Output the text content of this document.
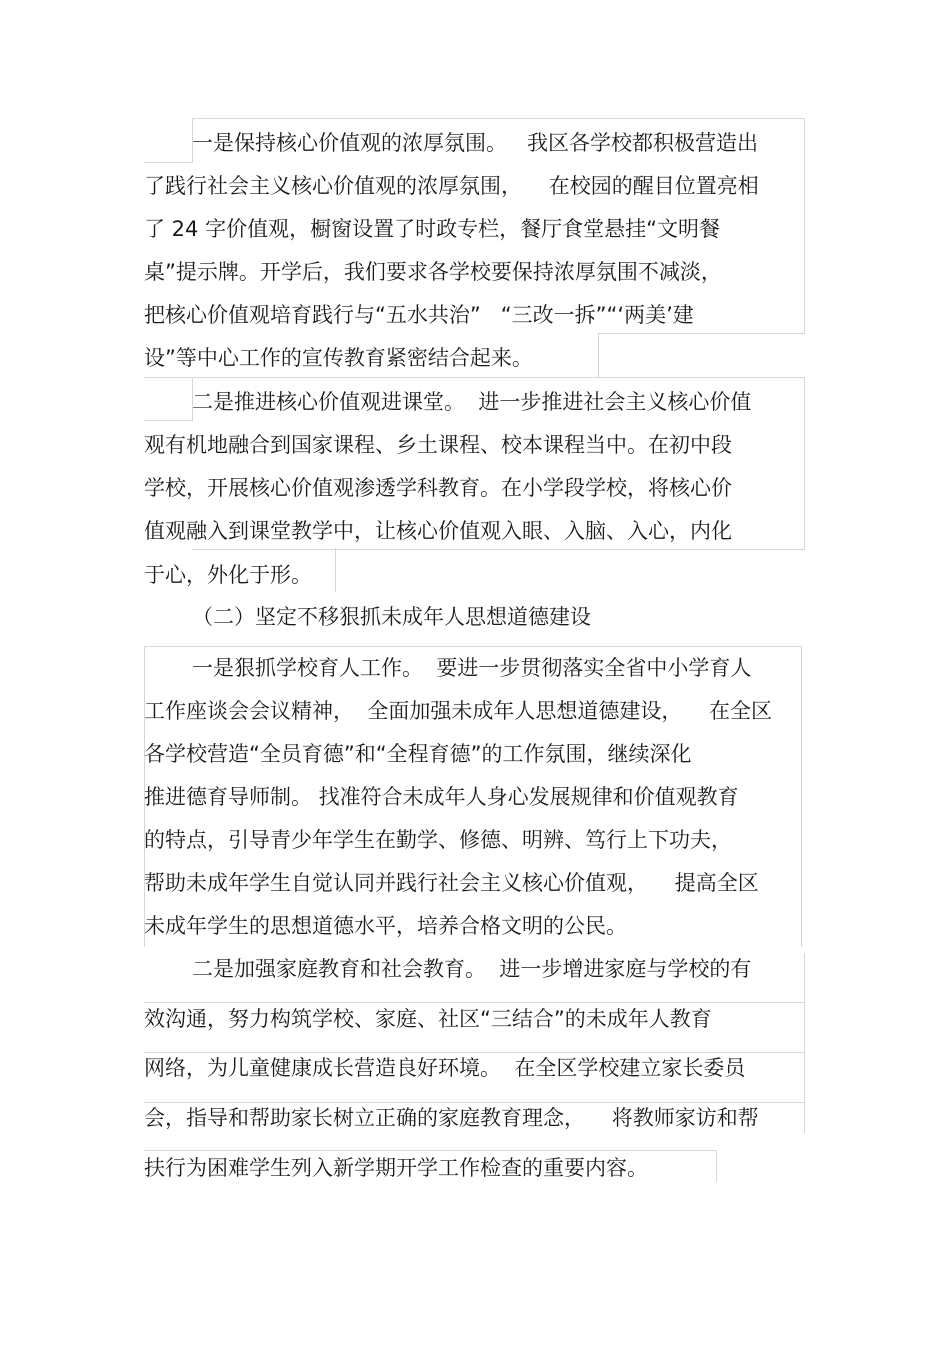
一是保持核心价值观的浓厚氛围。   我区各学校都积极营造出
了践行社会主义核心价值观的浓厚氛围，    在校园的醒目位置亮相
了 24 字价值观，橱窗设置了时政专栏，餐厅食堂悬挂“文明餐
桌”提示牌。开学后，我们要求各学校要保持浓厚氛围不减淡，
把核心价值观培育践行与“五水共治”   “三改一拆”“‘两美’建
设”等中心工作的宣传教育紧密结合起来。
二是推进核心价值观进课堂。  进一步推进社会主义核心价值
观有机地融合到国家课程、乡土课程、校本课程当中。在初中段
学校，开展核心价值观渗透学科教育。在小学段学校，将核心价
值观融入到课堂教学中，让核心价值观入眼、入脑、入心，内化
于心，外化于形。
（二）坚定不移狠抓未成年人思想道德建设
一是狠抓学校育人工作。  要进一步贯彻落实全省中小学育人
工作座谈会会议精神，  全面加强未成年人思想道德建设，    在全区
各学校营造“全员育德”和“全程育德”的工作氛围，继续深化
推进德育导师制。 找准符合未成年人身心发展规律和价值观教育
的特点，引导青少年学生在勤学、修德、明辨、笃行上下功夫，
帮助未成年学生自觉认同并践行社会主义核心价值观，    提高全区
未成年学生的思想道德水平，培养合格文明的公民。
二是加强家庭教育和社会教育。  进一步增进家庭与学校的有
效沟通，努力构筑学校、家庭、社区“三结合”的未成年人教育
网络，为儿童健康成长营造良好环境。  在全区学校建立家长委员
会，指导和帮助家长树立正确的家庭教育理念，    将教师家访和帮
扶行为困难学生列入新学期开学工作检查的重要内容。
